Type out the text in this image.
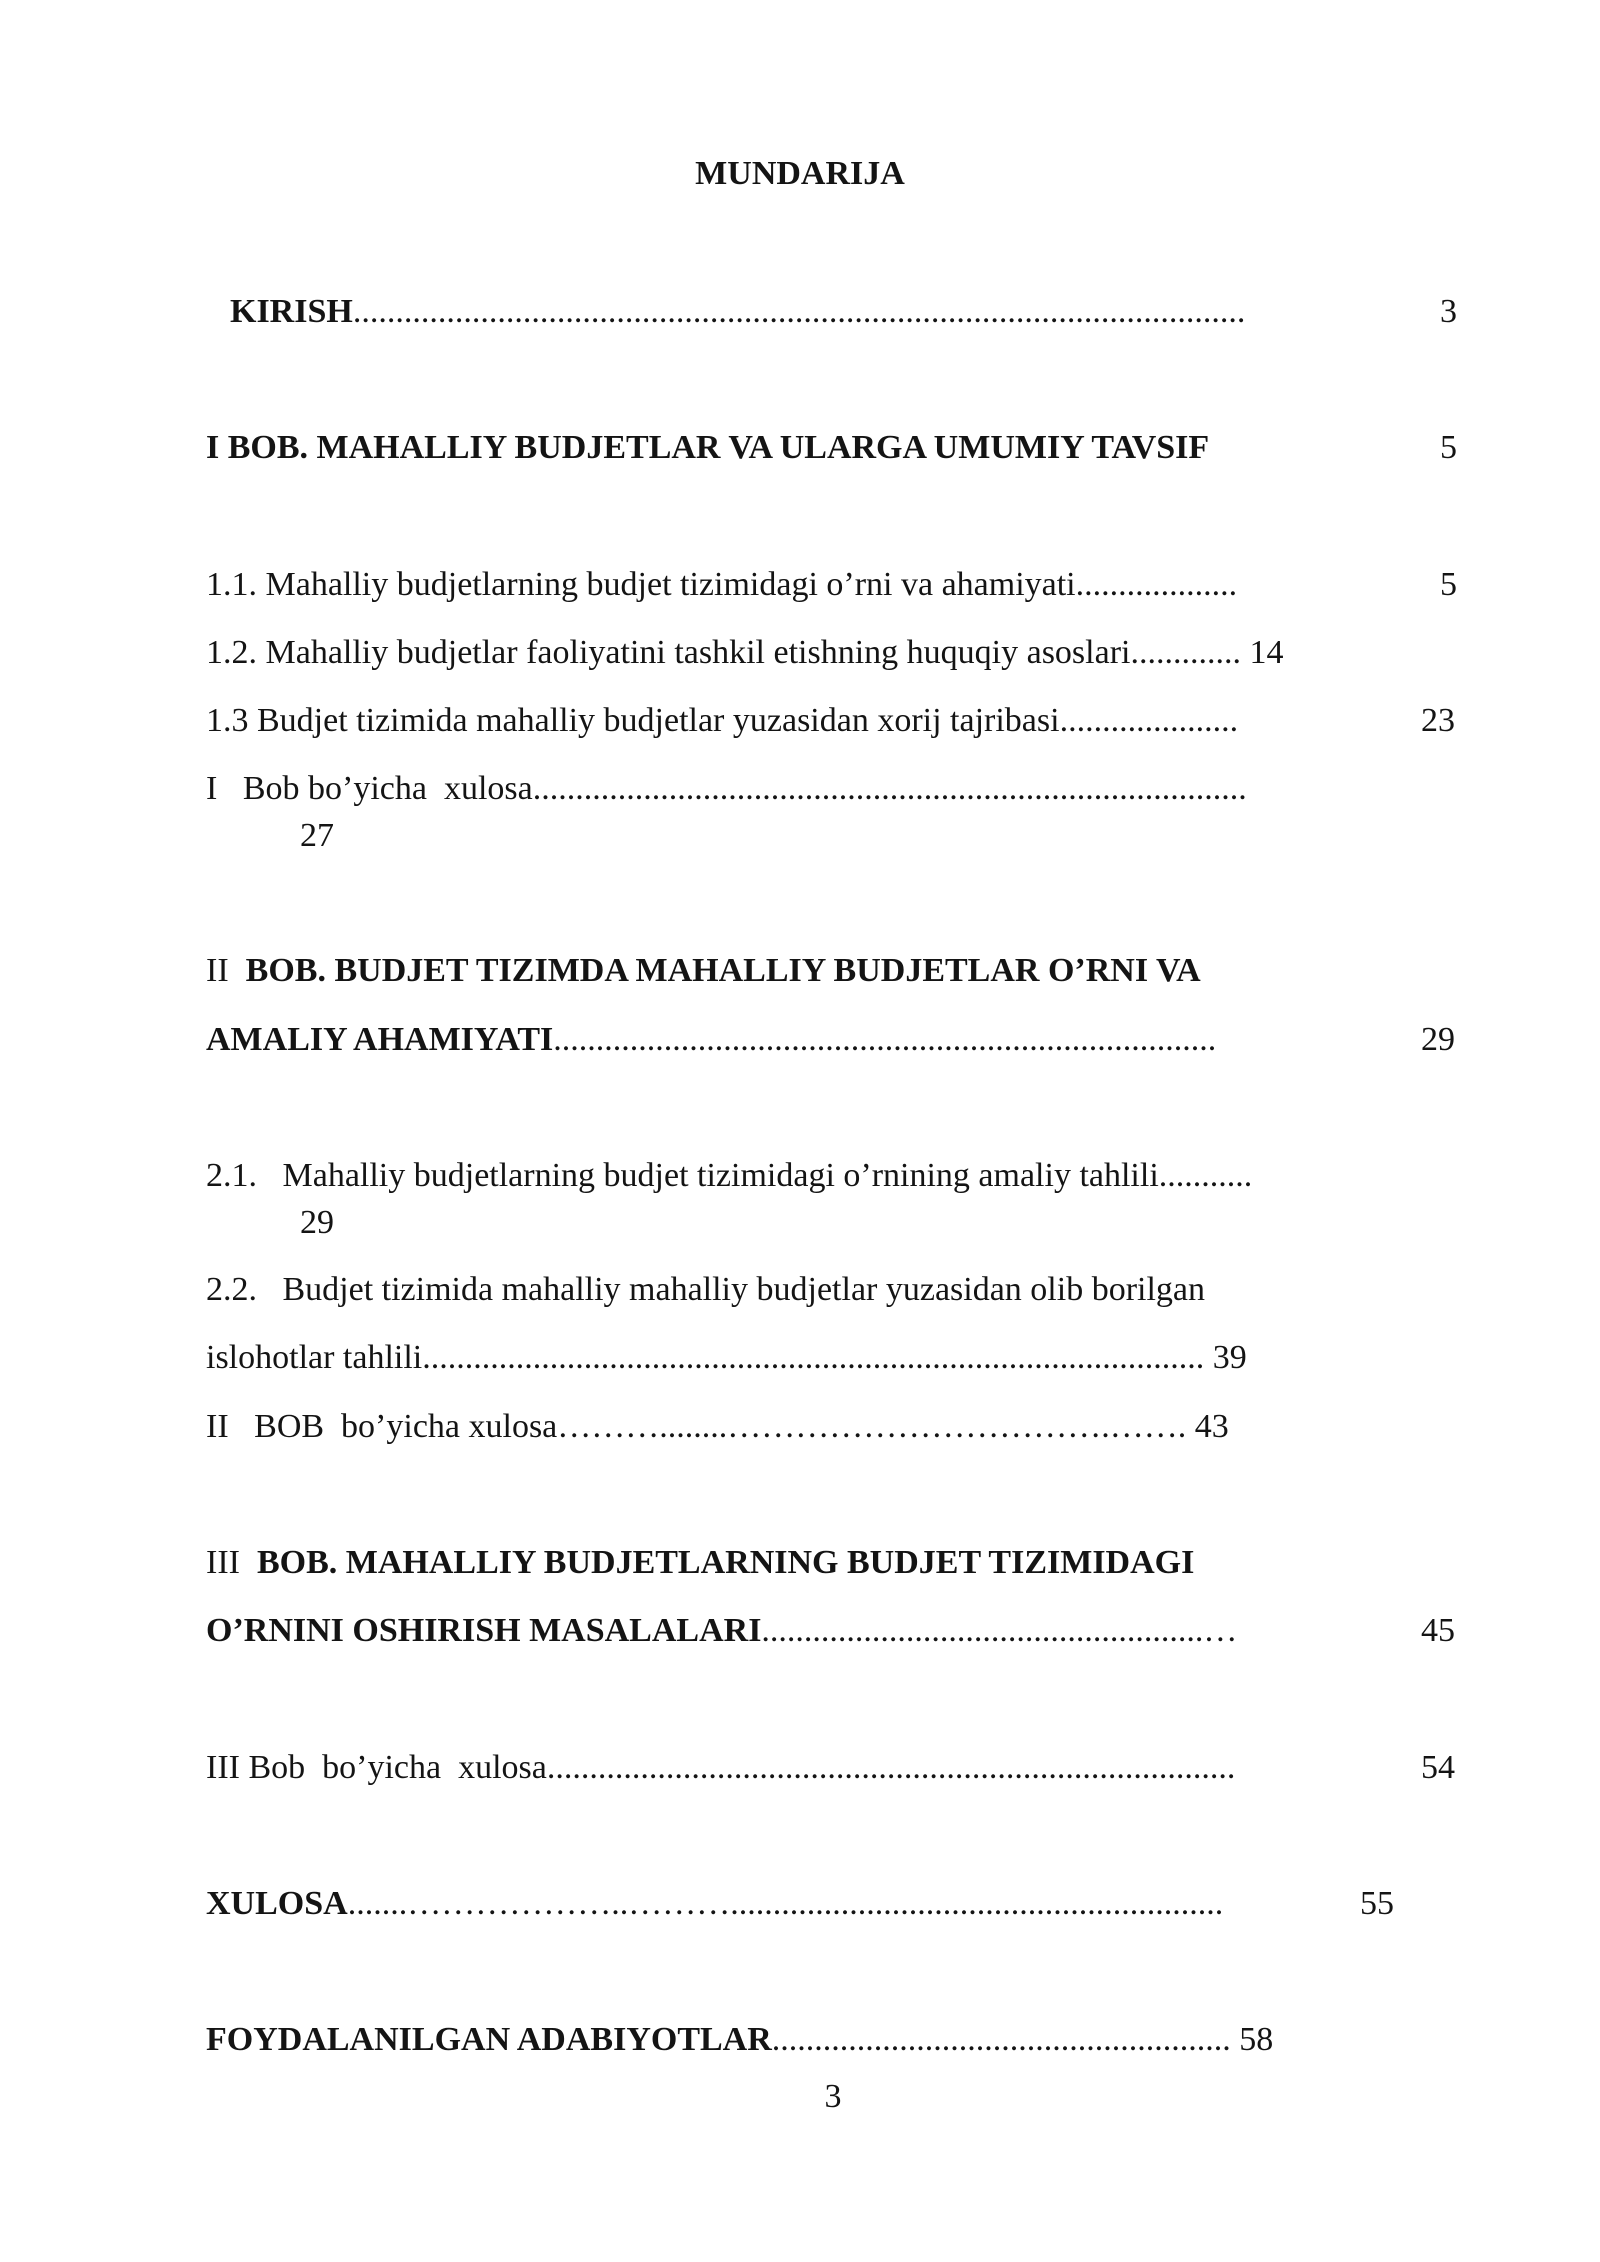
MUNDARIJA
KIRISH.........................................................................................................	3
I BOB. MAHALLIY BUDJETLAR VA ULARGA UMUMIY TAVSIF	5
1.1. Mahalliy budjetlarning budjet tizimidagi o’rni va ahamiyati...................	5
1.2. Mahalliy budjetlar faoliyatini tashkil etishning huquqiy asoslari............. 14
1.3 Budjet tizimida mahalliy budjetlar yuzasidan xorij tajribasi.....................	23
I   Bob bo’yicha  xulosa....................................................................................
27
II  BOB. BUDJET TIZIMDA MAHALLIY BUDJETLAR O’RNI VA
AMALIY AHAMIYATI..............................................................................	29
2.1.   Mahalliy budjetlarning budjet tizimidagi o’rnining amaliy tahlili...........
29
2.2.   Budjet tizimida mahalliy mahalliy budjetlar yuzasidan olib borilgan
islohotlar tahlili............................................................................................ 39
II   BOB  bo’yicha xulosa………........…………………………….……. 43
III  BOB. MAHALLIY BUDJETLARNING BUDJET TIZIMIDAGI
O’RNINI OSHIRISH MASALALARI....................................................…	45
III Bob  bo’yicha  xulosa.................................................................................	54
XULOSA.......………………..………..........................................................	55
FOYDALANILGAN ADABIYOTLAR...................................................... 58
3
